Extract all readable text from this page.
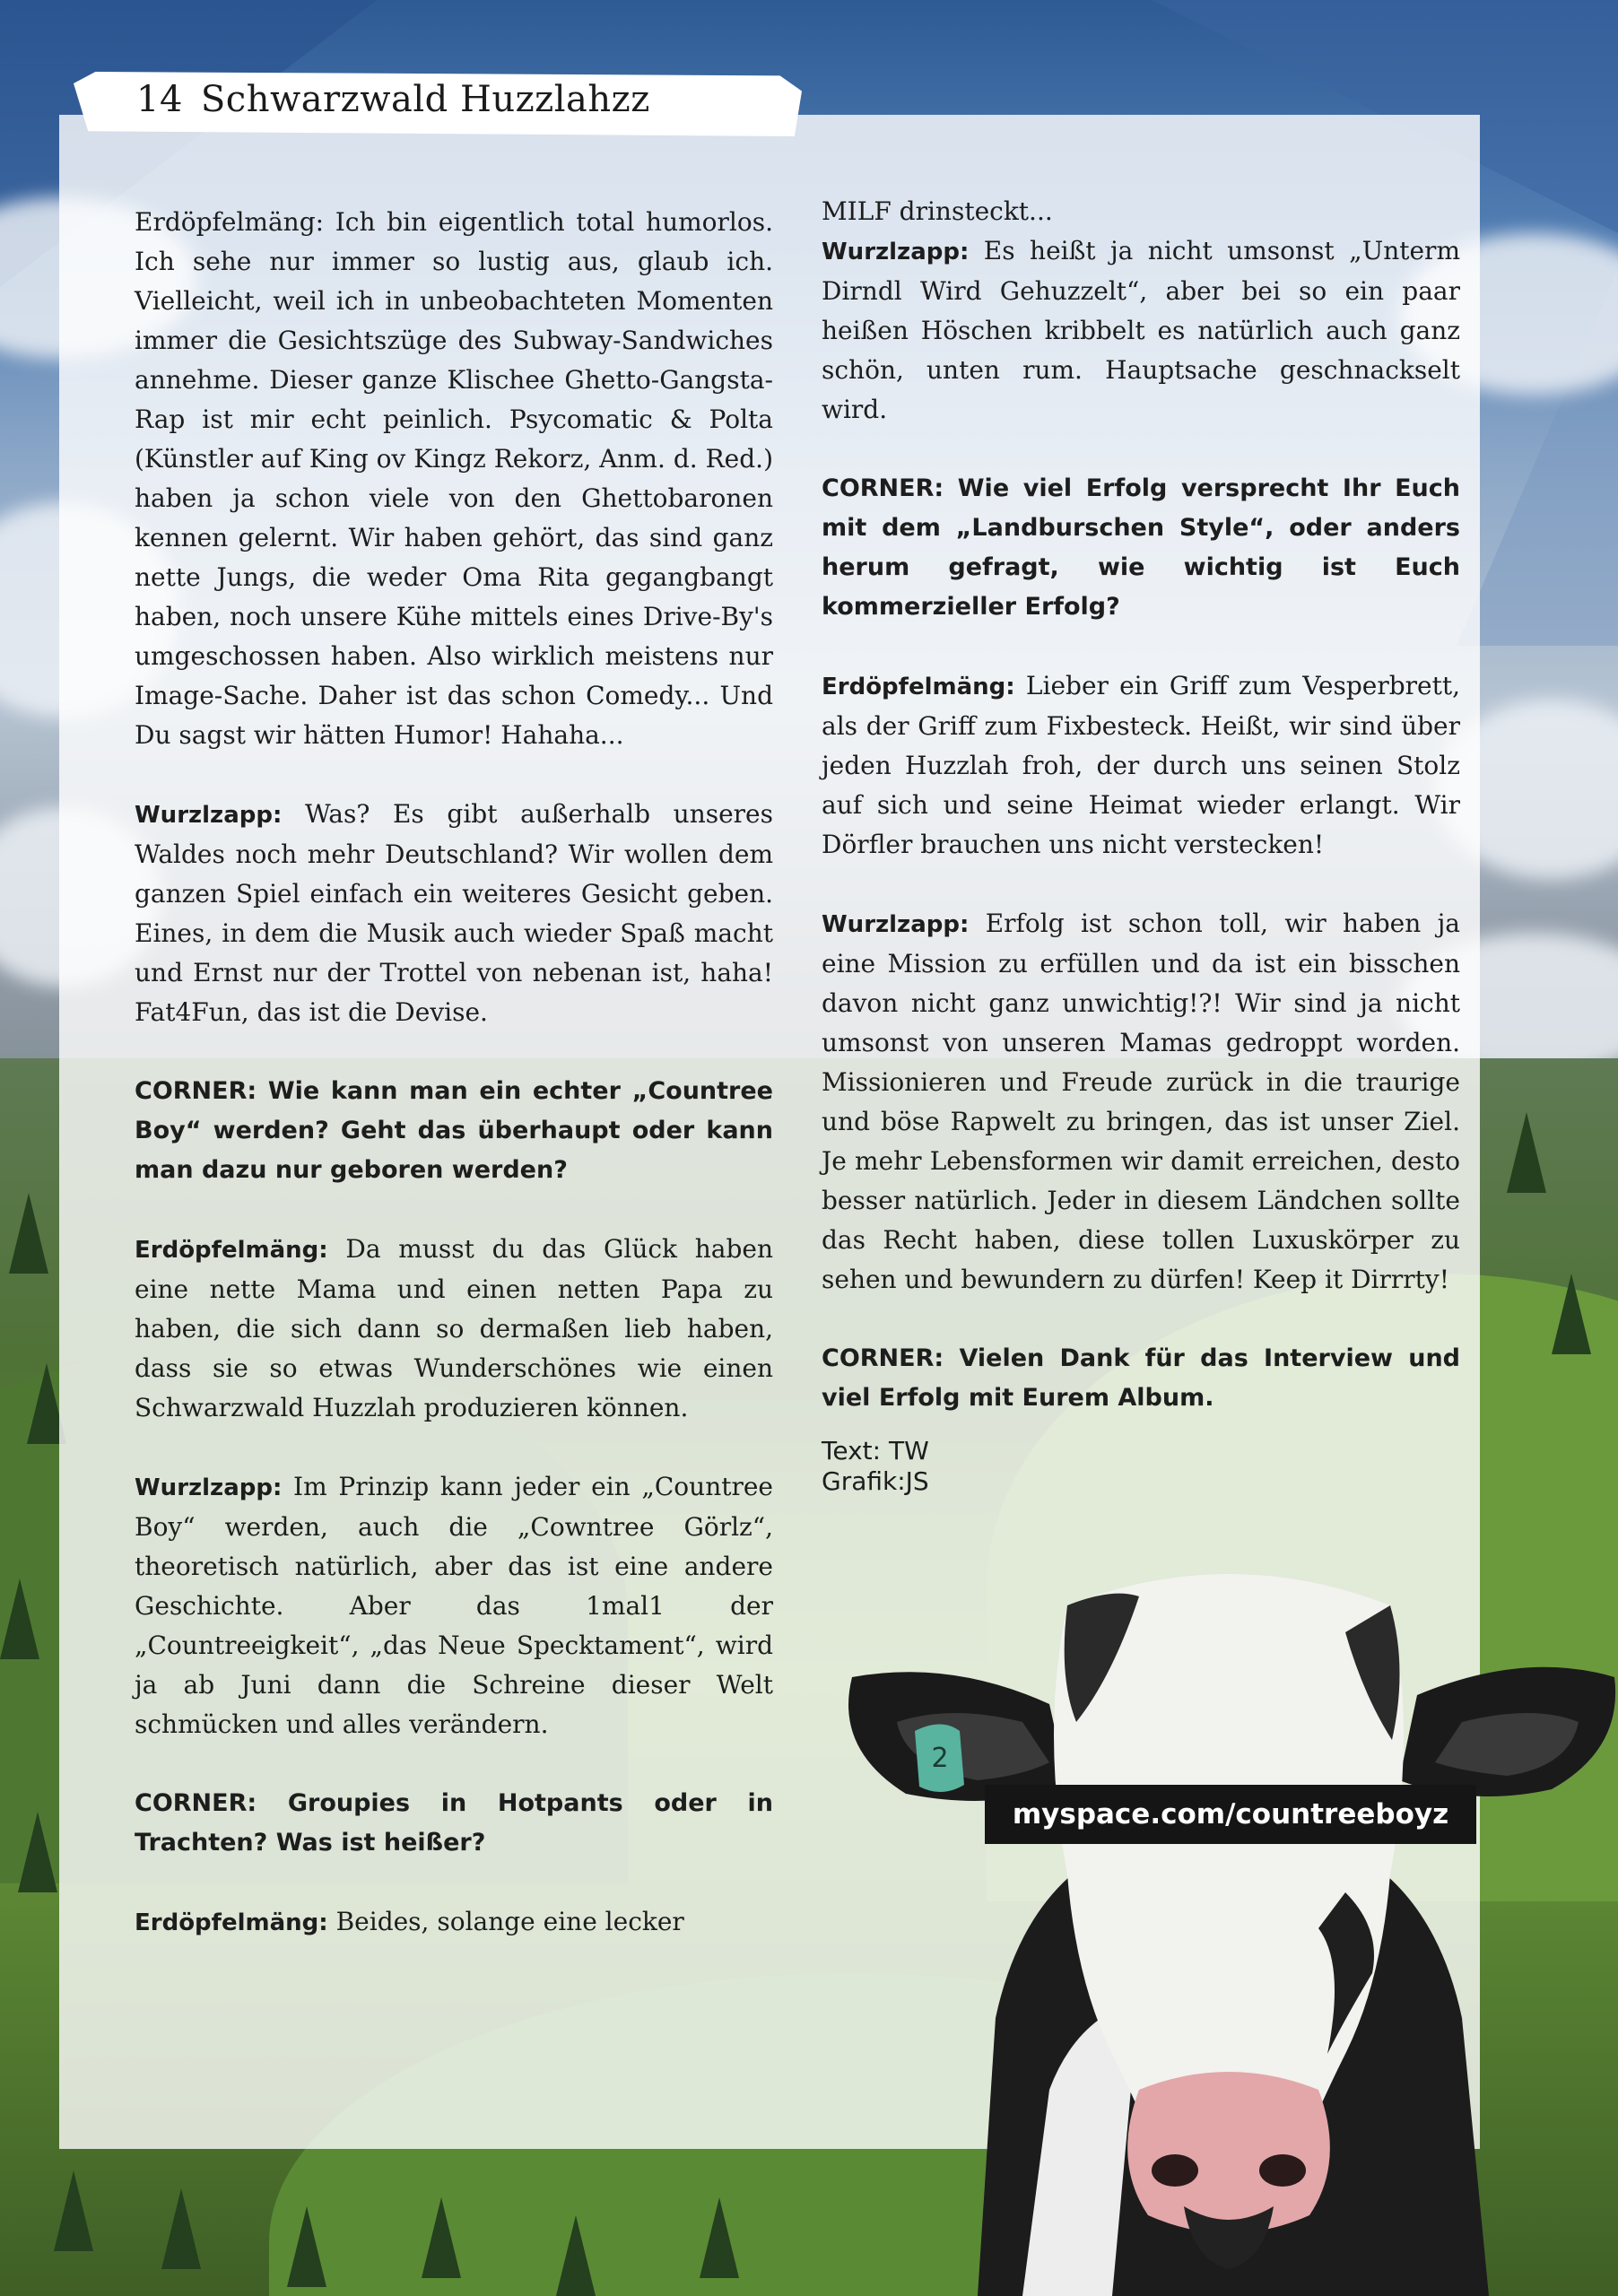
14 Schwarzwald Huzzlahzz

Erdöpfelmäng: Ich bin eigentlich total humorlos. Ich sehe nur immer so lustig aus, glaub ich. Vielleicht, weil ich in unbeobachteten Momenten immer die Gesichtszüge des Subway-Sandwiches annehme. Dieser ganze Klischee Ghetto-Gangsta-Rap ist mir echt peinlich. Psycomatic & Polta (Künstler auf King ov Kingz Rekorz, Anm. d. Red.) haben ja schon viele von den Ghettobaronen kennen gelernt. Wir haben gehört, das sind ganz nette Jungs, die weder Oma Rita gegangbangt haben, noch unsere Kühe mittels eines Drive-By's umgeschossen haben. Also wirklich meistens nur Image-Sache. Daher ist das schon Comedy... Und Du sagst wir hätten Humor! Hahaha...

Wurzlzapp: Was? Es gibt außerhalb unseres Waldes noch mehr Deutschland? Wir wollen dem ganzen Spiel einfach ein weiteres Gesicht geben. Eines, in dem die Musik auch wieder Spaß macht und Ernst nur der Trottel von nebenan ist, haha! Fat4Fun, das ist die Devise.

CORNER: Wie kann man ein echter „Countree Boy“ werden? Geht das überhaupt oder kann man dazu nur geboren werden?

Erdöpfelmäng: Da musst du das Glück haben eine nette Mama und einen netten Papa zu haben, die sich dann so dermaßen lieb haben, dass sie so etwas Wunderschönes wie einen Schwarzwald Huzzlah produzieren können.

Wurzlzapp: Im Prinzip kann jeder ein „Countree Boy“ werden, auch die „Cowntree Görlz“, theoretisch natürlich, aber das ist eine andere Geschichte. Aber das 1mal1 der „Countreeigkeit“, „das Neue Specktament“, wird ja ab Juni dann die Schreine dieser Welt schmücken und alles verändern.

CORNER: Groupies in Hotpants oder in Trachten? Was ist heißer?

Erdöpfelmäng: Beides, solange eine lecker

MILF drinsteckt...

Wurzlzapp: Es heißt ja nicht umsonst „Unterm Dirndl Wird Gehuzzelt“, aber bei so ein paar heißen Höschen kribbelt es natürlich auch ganz schön, unten rum. Hauptsache geschnackselt wird.

CORNER: Wie viel Erfolg versprecht Ihr Euch mit dem „Landburschen Style“, oder anders herum gefragt, wie wichtig ist Euch kommerzieller Erfolg?

Erdöpfelmäng: Lieber ein Griff zum Vesperbrett, als der Griff zum Fixbesteck. Heißt, wir sind über jeden Huzzlah froh, der durch uns seinen Stolz auf sich und seine Heimat wieder erlangt. Wir Dörfler brauchen uns nicht verstecken!

Wurzlzapp: Erfolg ist schon toll, wir haben ja eine Mission zu erfüllen und da ist ein bisschen davon nicht ganz unwichtig!?! Wir sind ja nicht umsonst von unseren Mamas gedroppt worden. Missionieren und Freude zurück in die traurige und böse Rapwelt zu bringen, das ist unser Ziel. Je mehr Lebensformen wir damit erreichen, desto besser natürlich. Jeder in diesem Ländchen sollte das Recht haben, diese tollen Luxuskörper zu sehen und bewundern zu dürfen! Keep it Dirrrty!

CORNER: Vielen Dank für das Interview und viel Erfolg mit Eurem Album.

Text: TW
Grafik:JS
2
myspace.com/countreeboyz
